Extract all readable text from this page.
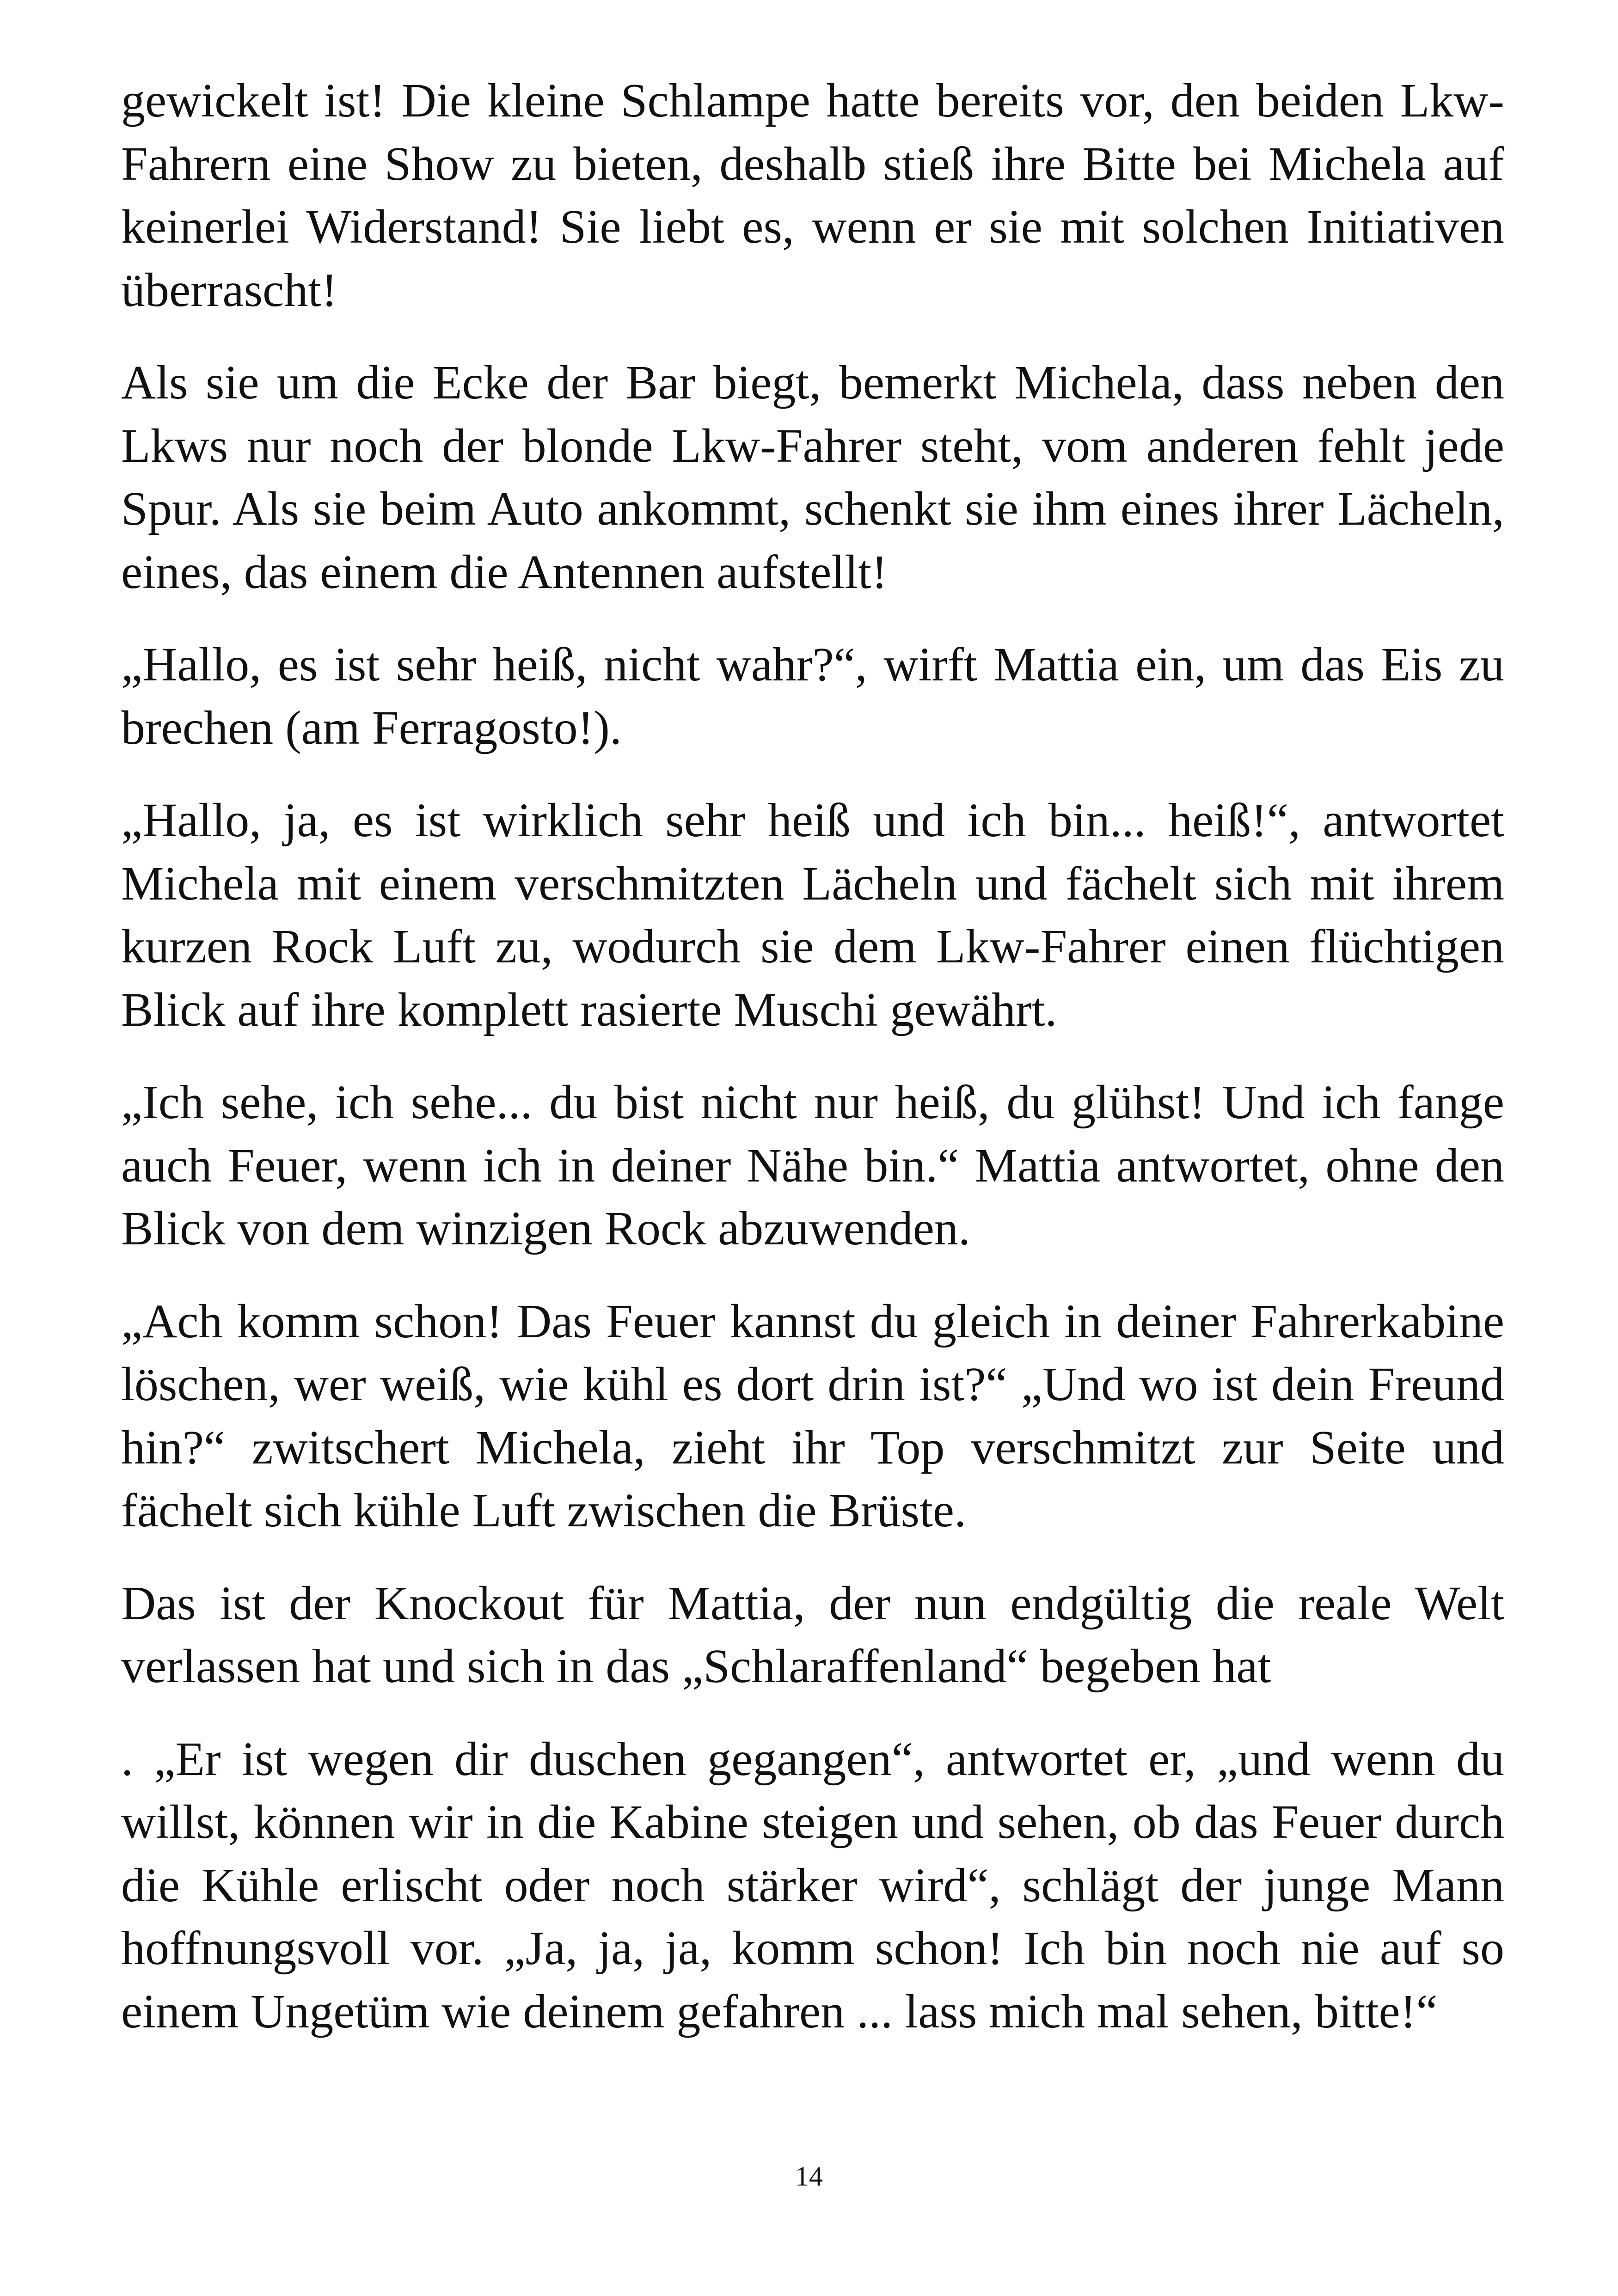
gewickelt ist! Die kleine Schlampe hatte bereits vor, den beiden Lkw-Fahrern eine Show zu bieten, deshalb stieß ihre Bitte bei Michela auf keinerlei Widerstand! Sie liebt es, wenn er sie mit solchen Initiativen überrascht!

Als sie um die Ecke der Bar biegt, bemerkt Michela, dass neben den Lkws nur noch der blonde Lkw-Fahrer steht, vom anderen fehlt jede Spur. Als sie beim Auto ankommt, schenkt sie ihm eines ihrer Lächeln, eines, das einem die Antennen aufstellt!

„Hallo, es ist sehr heiß, nicht wahr?“, wirft Mattia ein, um das Eis zu brechen (am Ferragosto!).

„Hallo, ja, es ist wirklich sehr heiß und ich bin... heiß!“, antwortet Michela mit einem verschmitzten Lächeln und fächelt sich mit ihrem kurzen Rock Luft zu, wodurch sie dem Lkw-Fahrer einen flüchtigen Blick auf ihre komplett rasierte Muschi gewährt.

„Ich sehe, ich sehe... du bist nicht nur heiß, du glühst! Und ich fange auch Feuer, wenn ich in deiner Nähe bin.“ Mattia antwortet, ohne den Blick von dem winzigen Rock abzuwenden.

„Ach komm schon! Das Feuer kannst du gleich in deiner Fahrerkabine löschen, wer weiß, wie kühl es dort drin ist?“ „Und wo ist dein Freund hin?“ zwitschert Michela, zieht ihr Top verschmitzt zur Seite und fächelt sich kühle Luft zwischen die Brüste.

Das ist der Knockout für Mattia, der nun endgültig die reale Welt verlassen hat und sich in das „Schlaraffenland“ begeben hat

. „Er ist wegen dir duschen gegangen“, antwortet er, „und wenn du willst, können wir in die Kabine steigen und sehen, ob das Feuer durch die Kühle erlischt oder noch stärker wird“, schlägt der junge Mann hoffnungsvoll vor. „Ja, ja, ja, komm schon! Ich bin noch nie auf so einem Ungetüm wie deinem gefahren ... lass mich mal sehen, bitte!“

14
